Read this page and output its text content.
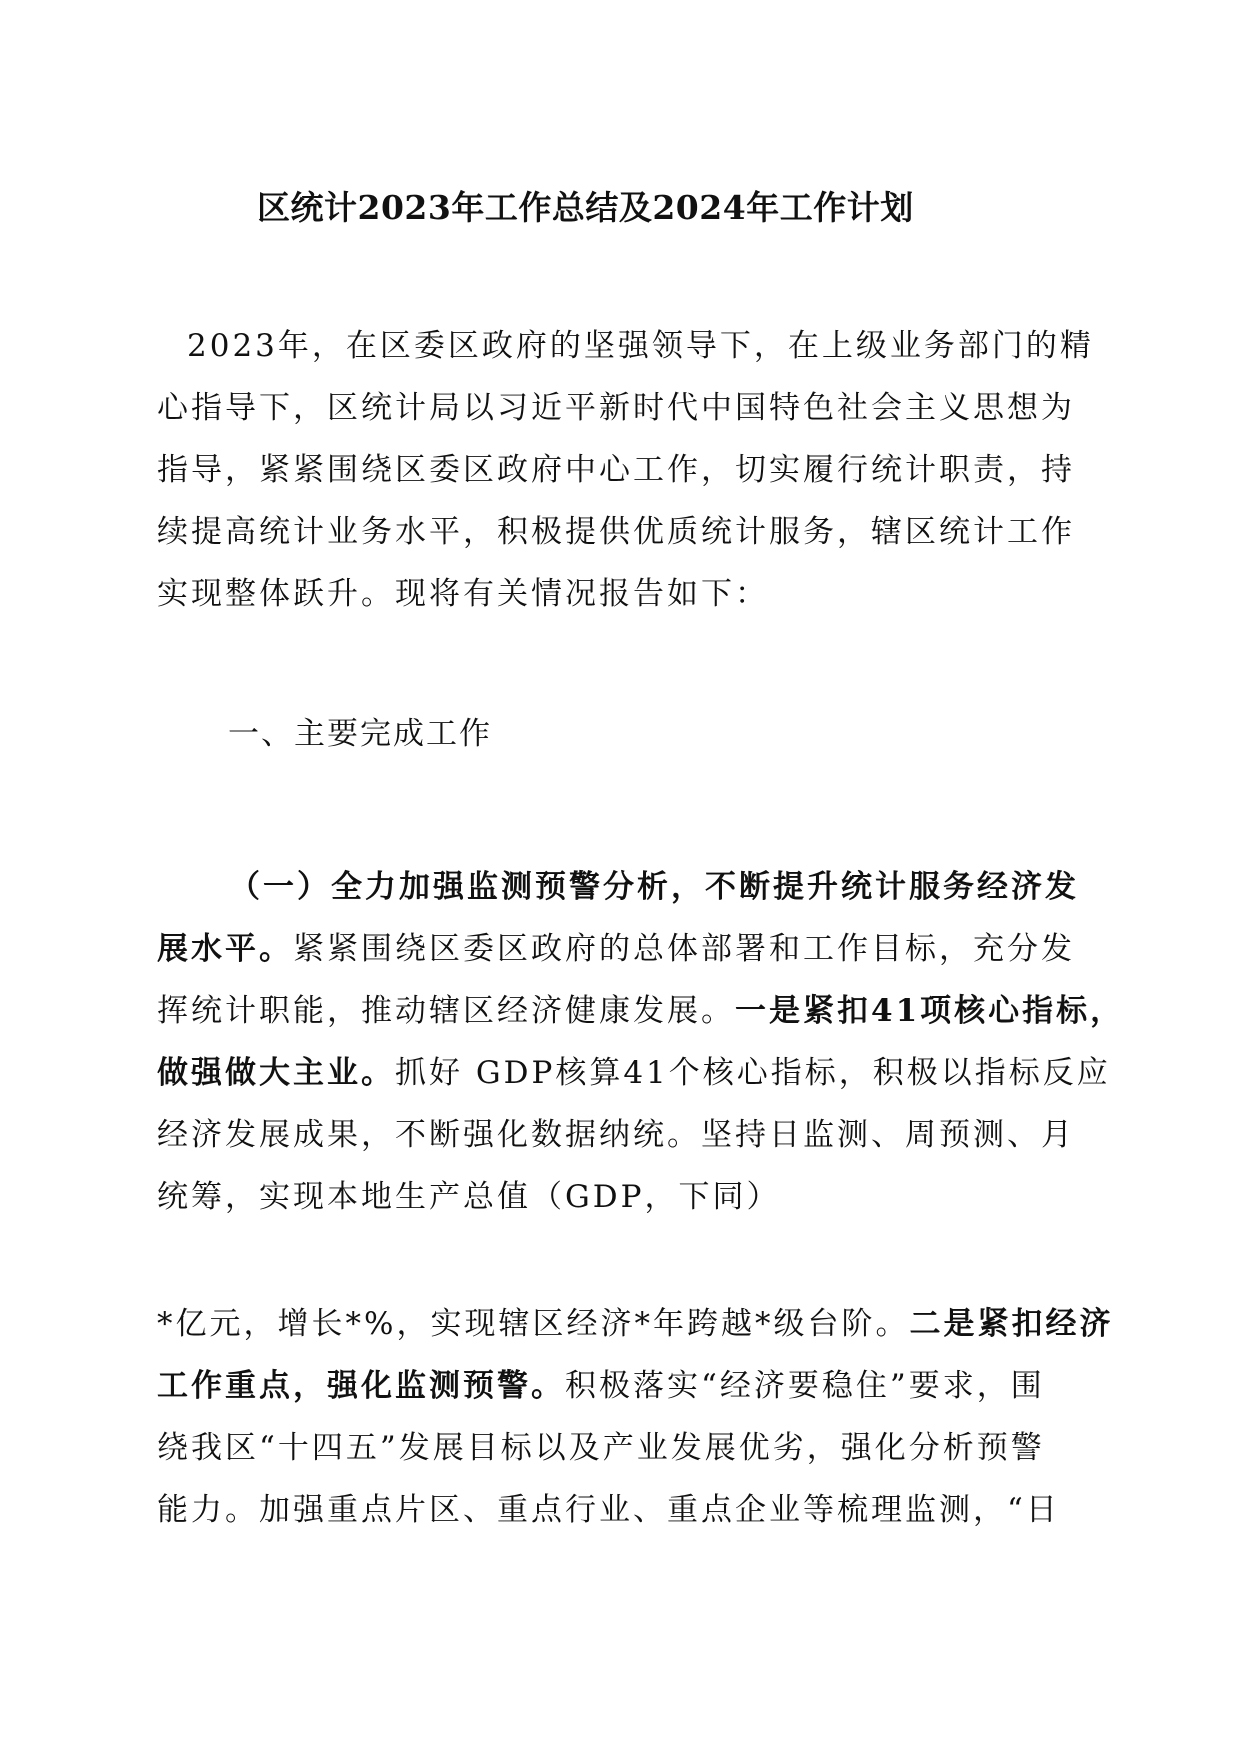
区统计2023年工作总结及2024年工作计划
2023年，在区委区政府的坚强领导下，在上级业务部门的精
心指导下，区统计局以习近平新时代中国特色社会主义思想为
指导，紧紧围绕区委区政府中心工作，切实履行统计职责，持
续提高统计业务水平，积极提供优质统计服务，辖区统计工作
实现整体跃升。现将有关情况报告如下：
一、主要完成工作
（一）全力加强监测预警分析，不断提升统计服务经济发
展水平。紧紧围绕区委区政府的总体部署和工作目标，充分发
挥统计职能，推动辖区经济健康发展。一是紧扣41项核心指标，
做强做大主业。抓好 GDP核算41个核心指标，积极以指标反应
经济发展成果，不断强化数据纳统。坚持日监测、周预测、月
统筹，实现本地生产总值（GDP，下同）
*亿元，增长*%，实现辖区经济*年跨越*级台阶。二是紧扣经济
工作重点，强化监测预警。积极落实“经济要稳住”要求，围
绕我区“十四五”发展目标以及产业发展优劣，强化分析预警
能力。加强重点片区、重点行业、重点企业等梳理监测，“日
